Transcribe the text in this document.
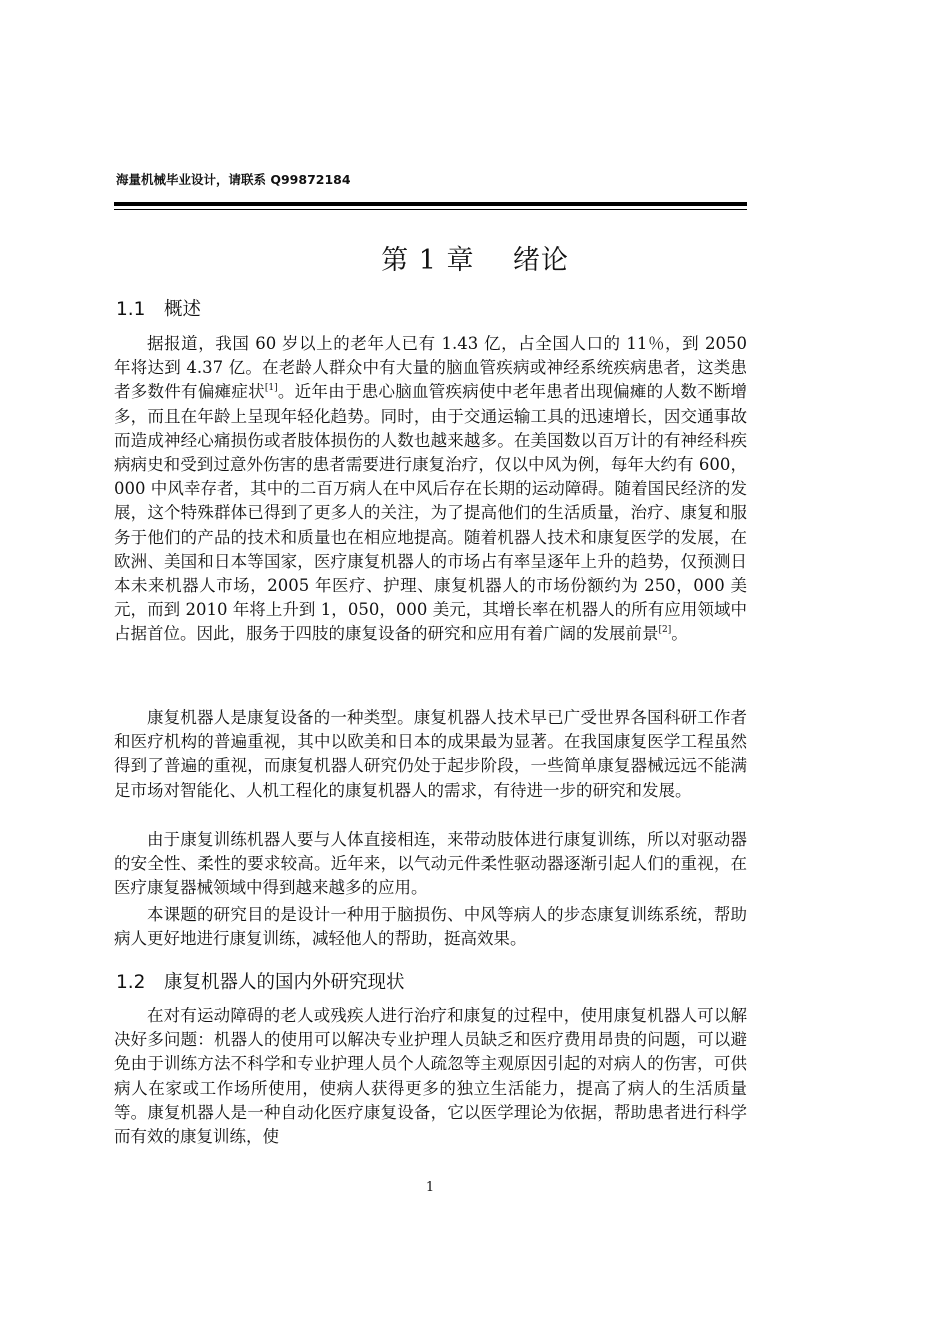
海量机械毕业设计，请联系 Q99872184
第 1 章    绪论
1.1 概述

据报道，我国 60 岁以上的老年人已有 1.43 亿，占全国人口的 11％，到 2050 年将达到 4.37 亿。在老龄人群众中有大量的脑血管疾病或神经系统疾病患者，这类患者多数件有偏瘫症状[1]。近年由于患心脑血管疾病使中老年患者出现偏瘫的人数不断增多，而且在年龄上呈现年轻化趋势。同时，由于交通运输工具的迅速增长，因交通事故而造成神经心痛损伤或者肢体损伤的人数也越来越多。在美国数以百万计的有神经科疾病病史和受到过意外伤害的患者需要进行康复治疗，仅以中风为例，每年大约有 600，000 中风幸存者，其中的二百万病人在中风后存在长期的运动障碍。随着国民经济的发展，这个特殊群体已得到了更多人的关注，为了提高他们的生活质量，治疗、康复和服务于他们的产品的技术和质量也在相应地提高。随着机器人技术和康复医学的发展，在欧洲、美国和日本等国家，医疗康复机器人的市场占有率呈逐年上升的趋势，仅预测日本未来机器人市场，2005 年医疗、护理、康复机器人的市场份额约为 250，000 美元，而到 2010 年将上升到 1，050，000 美元，其增长率在机器人的所有应用领域中占据首位。因此，服务于四肢的康复设备的研究和应用有着广阔的发展前景[2]。

康复机器人是康复设备的一种类型。康复机器人技术早已广受世界各国科研工作者和医疗机构的普遍重视，其中以欧美和日本的成果最为显著。在我国康复医学工程虽然得到了普遍的重视，而康复机器人研究仍处于起步阶段，一些简单康复器械远远不能满足市场对智能化、人机工程化的康复机器人的需求，有待进一步的研究和发展。

由于康复训练机器人要与人体直接相连，来带动肢体进行康复训练，所以对驱动器的安全性、柔性的要求较高。近年来，以气动元件柔性驱动器逐渐引起人们的重视，在医疗康复器械领域中得到越来越多的应用。

本课题的研究目的是设计一种用于脑损伤、中风等病人的步态康复训练系统，帮助病人更好地进行康复训练，减轻他人的帮助，挺高效果。

1.2 康复机器人的国内外研究现状

在对有运动障碍的老人或残疾人进行治疗和康复的过程中，使用康复机器人可以解决好多问题：机器人的使用可以解决专业护理人员缺乏和医疗费用昂贵的问题，可以避免由于训练方法不科学和专业护理人员个人疏忽等主观原因引起的对病人的伤害，可供病人在家或工作场所使用，使病人获得更多的独立生活能力，提高了病人的生活质量等。康复机器人是一种自动化医疗康复设备，它以医学理论为依据，帮助患者进行科学而有效的康复训练，使

1
